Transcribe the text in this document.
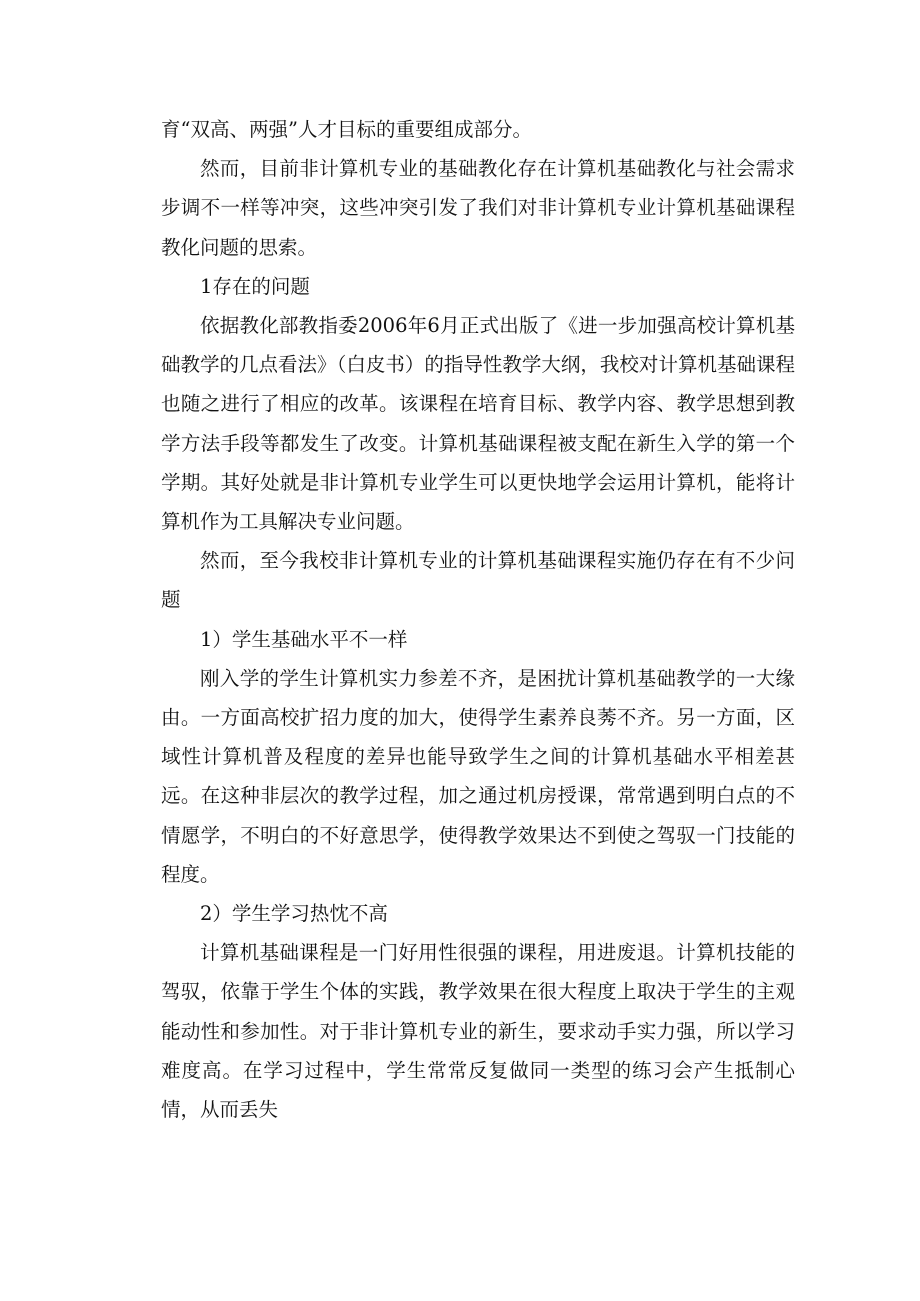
育“双高、两强”人才目标的重要组成部分。

然而，目前非计算机专业的基础教化存在计算机基础教化与社会需求步调不一样等冲突，这些冲突引发了我们对非计算机专业计算机基础课程教化问题的思索。

1存在的问题

依据教化部教指委2006年6月正式出版了《进一步加强高校计算机基础教学的几点看法》（白皮书）的指导性教学大纲，我校对计算机基础课程也随之进行了相应的改革。该课程在培育目标、教学内容、教学思想到教学方法手段等都发生了改变。计算机基础课程被支配在新生入学的第一个学期。其好处就是非计算机专业学生可以更快地学会运用计算机，能将计算机作为工具解决专业问题。

然而，至今我校非计算机专业的计算机基础课程实施仍存在有不少问题

1）学生基础水平不一样

刚入学的学生计算机实力参差不齐，是困扰计算机基础教学的一大缘由。一方面高校扩招力度的加大，使得学生素养良莠不齐。另一方面，区域性计算机普及程度的差异也能导致学生之间的计算机基础水平相差甚远。在这种非层次的教学过程，加之通过机房授课，常常遇到明白点的不情愿学，不明白的不好意思学，使得教学效果达不到使之驾驭一门技能的程度。

2）学生学习热忱不高

计算机基础课程是一门好用性很强的课程，用进废退。计算机技能的驾驭，依靠于学生个体的实践，教学效果在很大程度上取决于学生的主观能动性和参加性。对于非计算机专业的新生，要求动手实力强，所以学习难度高。在学习过程中，学生常常反复做同一类型的练习会产生抵制心情，从而丢失
